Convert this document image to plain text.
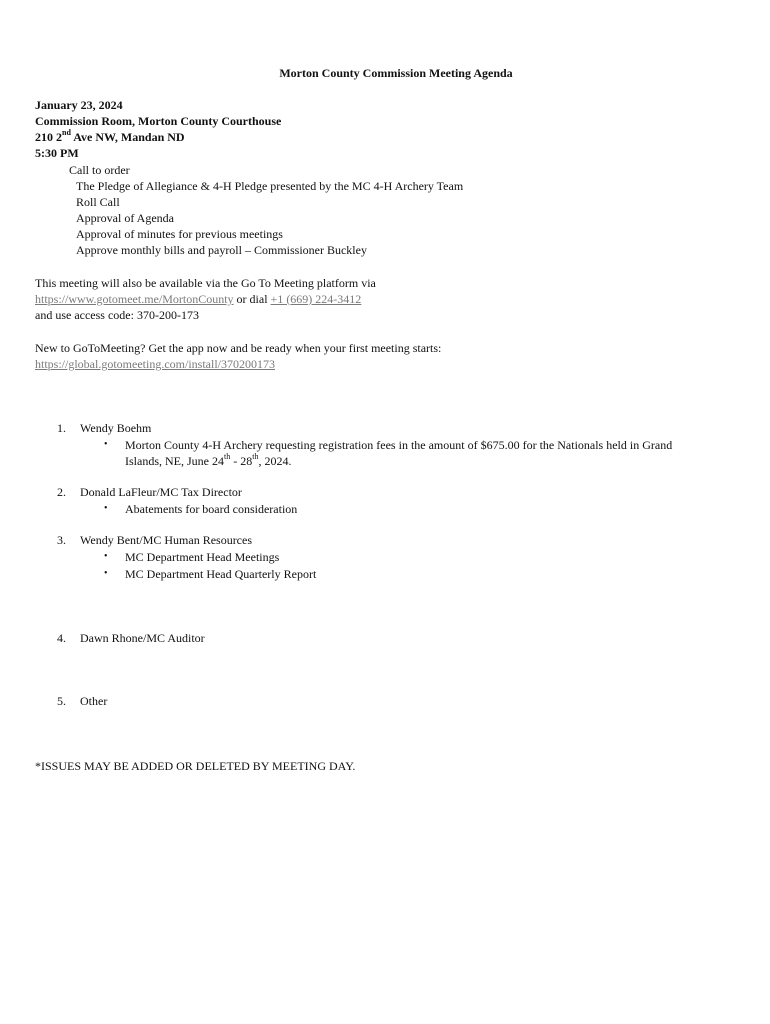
Morton County Commission Meeting Agenda
January 23, 2024
Commission Room, Morton County Courthouse
210 2nd Ave NW, Mandan ND
5:30 PM
Call to order
The Pledge of Allegiance & 4-H Pledge presented by the MC 4-H Archery Team
Roll Call
Approval of Agenda
Approval of minutes for previous meetings
Approve monthly bills and payroll – Commissioner Buckley
This meeting will also be available via the Go To Meeting platform via
https://www.gotomeet.me/MortonCounty or dial +1 (669) 224-3412
and use access code: 370-200-173
New to GoToMeeting? Get the app now and be ready when your first meeting starts:
https://global.gotomeeting.com/install/370200173
1. Wendy Boehm
• Morton County 4-H Archery requesting registration fees in the amount of $675.00 for the Nationals held in Grand
Islands, NE, June 24th - 28th, 2024.
2. Donald LaFleur/MC Tax Director
• Abatements for board consideration
3. Wendy Bent/MC Human Resources
• MC Department Head Meetings
• MC Department Head Quarterly Report
4. Dawn Rhone/MC Auditor
5. Other
*ISSUES MAY BE ADDED OR DELETED BY MEETING DAY.
